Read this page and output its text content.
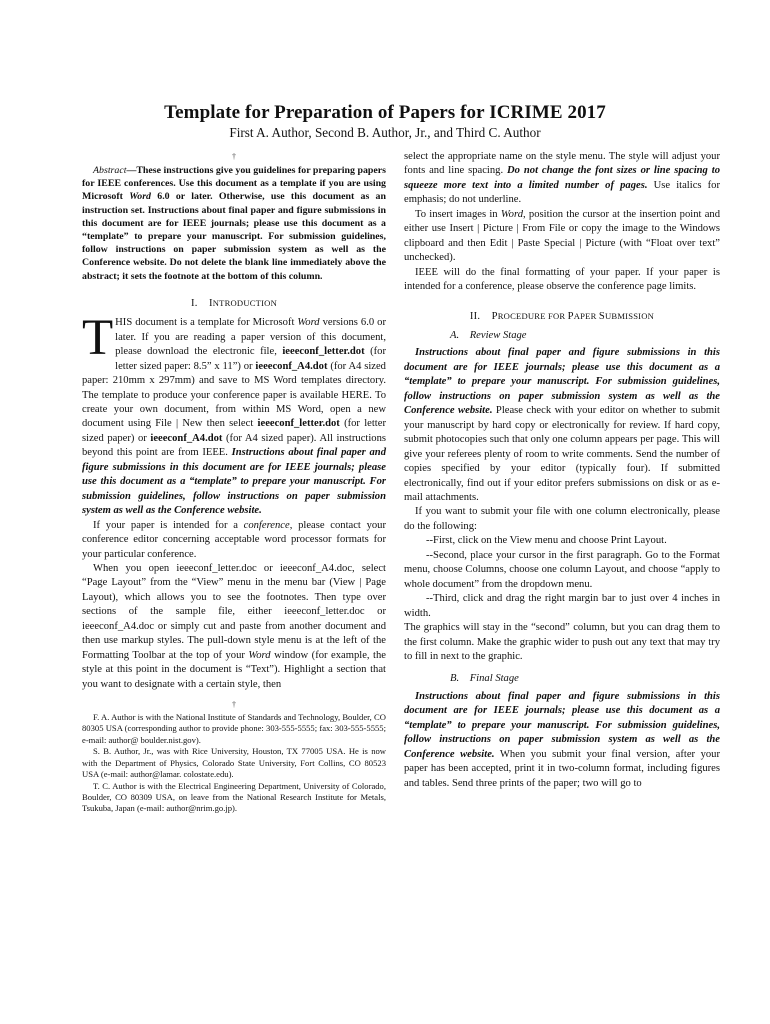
Template for Preparation of Papers for ICRIME 2017
First A. Author, Second B. Author, Jr., and Third C. Author
†

Abstract—These instructions give you guidelines for preparing papers for IEEE conferences. Use this document as a template if you are using Microsoft Word 6.0 or later. Otherwise, use this document as an instruction set. Instructions about final paper and figure submissions in this document are for IEEE journals; please use this document as a “template” to prepare your manuscript. For submission guidelines, follow instructions on paper submission system as well as the Conference website. Do not delete the blank line immediately above the abstract; it sets the footnote at the bottom of this column.

I. INTRODUCTION

THIS document is a template for Microsoft Word versions 6.0 or later. If you are reading a paper version of this document, please download the electronic file, ieeeconf_letter.dot (for letter sized paper: 8.5” x 11”) or ieeeconf_A4.dot (for A4 sized paper: 210mm x 297mm) and save to MS Word templates directory. The template to produce your conference paper is available HERE. To create your own document, from within MS Word, open a new document using File | New then select ieeeconf_letter.dot (for letter sized paper) or ieeeconf_A4.dot (for A4 sized paper). All instructions beyond this point are from IEEE. Instructions about final paper and figure submissions in this document are for IEEE journals; please use this document as a “template” to prepare your manuscript. For submission guidelines, follow instructions on paper submission system as well as the Conference website.

If your paper is intended for a conference, please contact your conference editor concerning acceptable word processor formats for your particular conference.

When you open ieeeconf_letter.doc or ieeeconf_A4.doc, select “Page Layout” from the “View” menu in the menu bar (View | Page Layout), which allows you to see the footnotes. Then type over sections of the sample file, either ieeeconf_letter.doc or ieeeconf_A4.doc or simply cut and paste from another document and then use markup styles. The pull-down style menu is at the left of the Formatting Toolbar at the top of your Word window (for example, the style at this point in the document is “Text”). Highlight a section that you want to designate with a certain style, then

†

F. A. Author is with the National Institute of Standards and Technology, Boulder, CO 80305 USA (corresponding author to provide phone: 303-555-5555; fax: 303-555-5555; e-mail: author@ boulder.nist.gov).

S. B. Author, Jr., was with Rice University, Houston, TX 77005 USA. He is now with the Department of Physics, Colorado State University, Fort Collins, CO 80523 USA (e-mail: author@lamar. colostate.edu).

T. C. Author is with the Electrical Engineering Department, University of Colorado, Boulder, CO 80309 USA, on leave from the National Research Institute for Metals, Tsukuba, Japan (e-mail: author@nrim.go.jp).

select the appropriate name on the style menu. The style will adjust your fonts and line spacing. Do not change the font sizes or line spacing to squeeze more text into a limited number of pages. Use italics for emphasis; do not underline.

To insert images in Word, position the cursor at the insertion point and either use Insert | Picture | From File or copy the image to the Windows clipboard and then Edit | Paste Special | Picture (with “Float over text” unchecked).

IEEE will do the final formatting of your paper. If your paper is intended for a conference, please observe the conference page limits.

II. PROCEDURE FOR PAPER SUBMISSION
A.    Review Stage

Instructions about final paper and figure submissions in this document are for IEEE journals; please use this document as a “template” to prepare your manuscript. For submission guidelines, follow instructions on paper submission system as well as the Conference website. Please check with your editor on whether to submit your manuscript by hard copy or electronically for review. If hard copy, submit photocopies such that only one column appears per page. This will give your referees plenty of room to write comments. Send the number of copies specified by your editor (typically four). If submitted electronically, find out if your editor prefers submissions on disk or as e-mail attachments.

If you want to submit your file with one column electronically, please do the following:

--First, click on the View menu and choose Print Layout.

--Second, place your cursor in the first paragraph. Go to the Format menu, choose Columns, choose one column Layout, and choose “apply to whole document” from the dropdown menu.

--Third, click and drag the right margin bar to just over 4 inches in width.

The graphics will stay in the “second” column, but you can drag them to the first column. Make the graphic wider to push out any text that may try to fill in next to the graphic.

B.    Final Stage

Instructions about final paper and figure submissions in this document are for IEEE journals; please use this document as a “template” to prepare your manuscript. For submission guidelines, follow instructions on paper submission system as well as the Conference website. When you submit your final version, after your paper has been accepted, print it in two-column format, including figures and tables. Send three prints of the paper; two will go to
